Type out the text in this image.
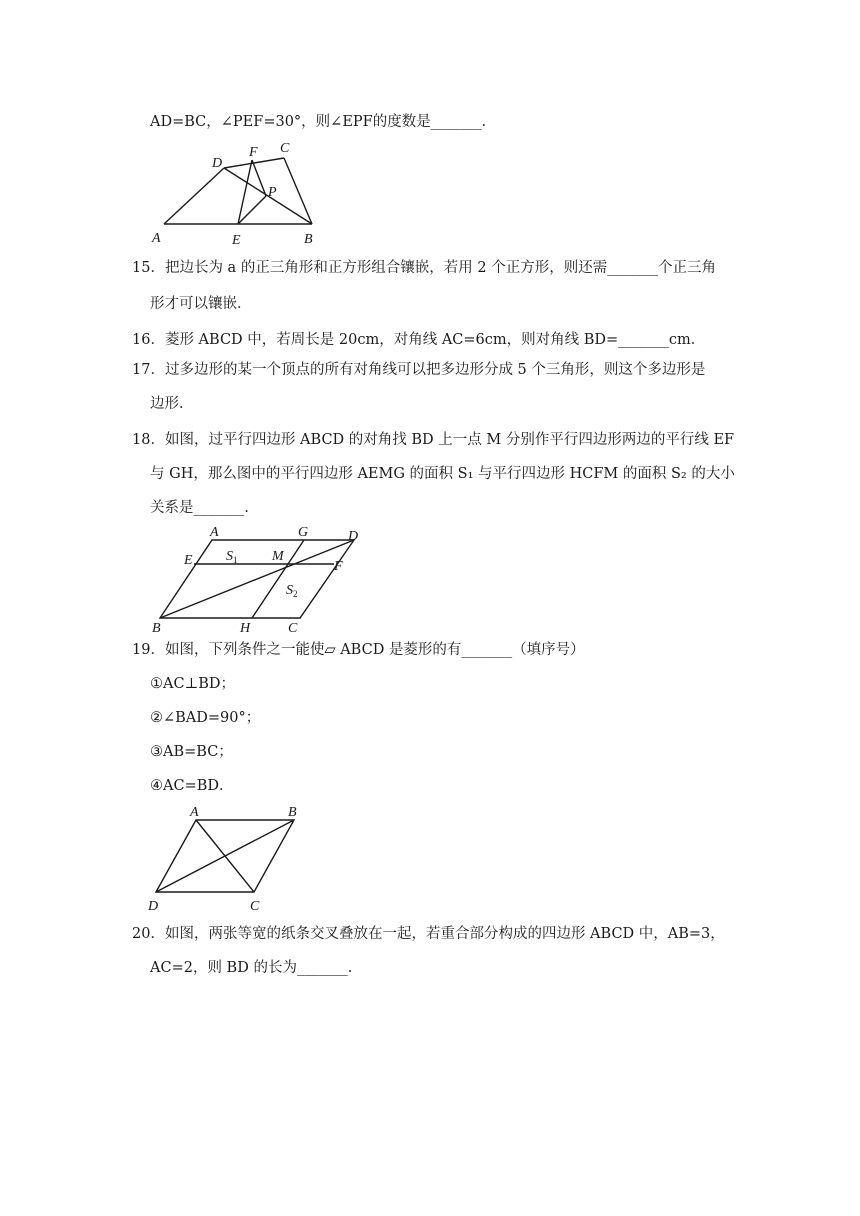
AD=BC，∠PEF=30°，则∠EPF的度数是_______.
D
F C
P
A	E	B
15．把边长为 a 的正三角形和正方形组合镶嵌，若用 2 个正方形，则还需_______个正三角
形才可以镶嵌．
16．菱形 ABCD 中，若周长是 20cm，对角线 AC=6cm，则对角线 BD=_______cm．
17．过多边形的某一个顶点的所有对角线可以把多边形分成 5 个三角形，则这个多边形是
边形．
18．如图，过平行四边形 ABCD 的对角找 BD 上一点 M 分别作平行四边形两边的平行线 EF
与 GH，那么图中的平行四边形 AEMG 的面积 S₁ 与平行四边形 HCFM 的面积 S₂ 的大小
关系是_______.
A	G	D
E $S_1$ M
F
$S_2$
B	H	C
19．如图，下列条件之一能使▱ ABCD 是菱形的有_______（填序号）
①AC⊥BD；
②∠BAD=90°；
③AB=BC；
④AC=BD．
A	B
D	C
20．如图，两张等宽的纸条交叉叠放在一起，若重合部分构成的四边形 ABCD 中，AB=3，
AC=2，则 BD 的长为_______.
